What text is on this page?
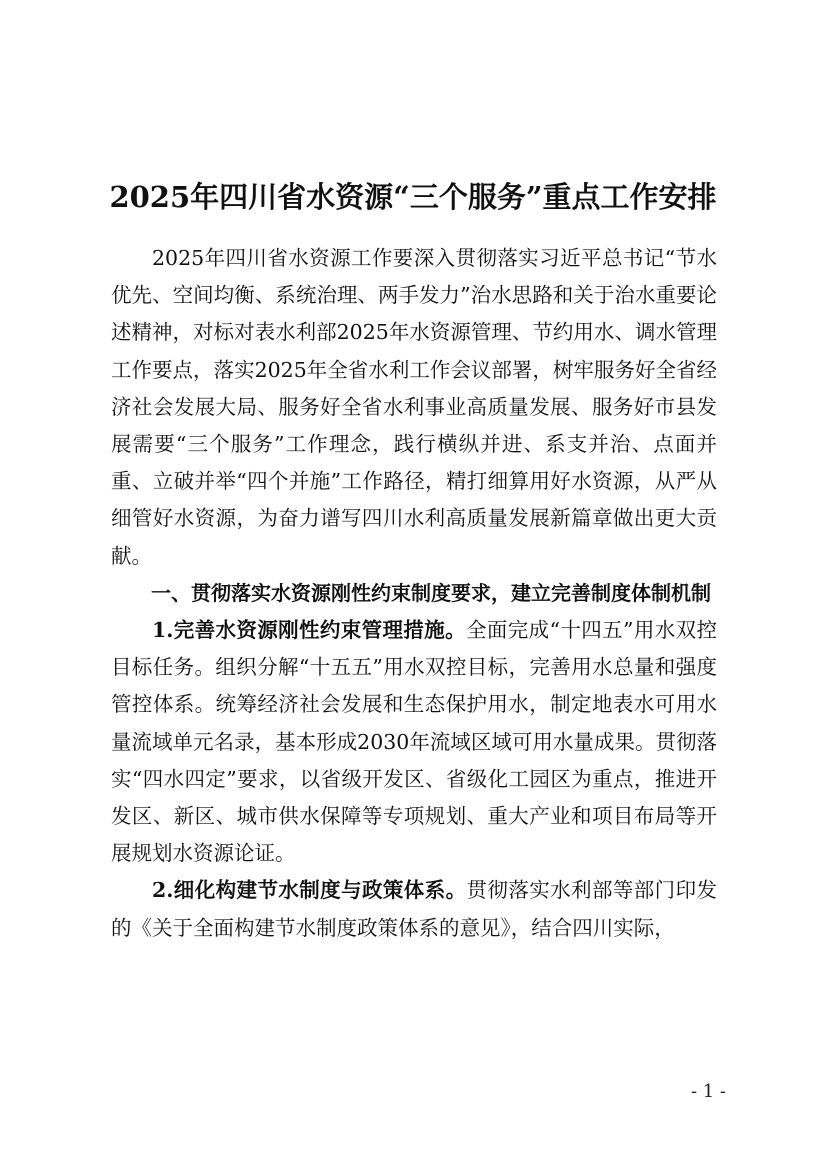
2025年四川省水资源“三个服务”重点工作安排

2025年四川省水资源工作要深入贯彻落实习近平总书记“节水优先、空间均衡、系统治理、两手发力”治水思路和关于治水重要论述精神，对标对表水利部2025年水资源管理、节约用水、调水管理工作要点，落实2025年全省水利工作会议部署，树牢服务好全省经济社会发展大局、服务好全省水利事业高质量发展、服务好市县发展需要“三个服务”工作理念，践行横纵并进、系支并治、点面并重、立破并举“四个并施”工作路径，精打细算用好水资源，从严从细管好水资源，为奋力谱写四川水利高质量发展新篇章做出更大贡献。

一、贯彻落实水资源刚性约束制度要求，建立完善制度体制机制

1.完善水资源刚性约束管理措施。全面完成“十四五”用水双控目标任务。组织分解“十五五”用水双控目标，完善用水总量和强度管控体系。统筹经济社会发展和生态保护用水，制定地表水可用水量流域单元名录，基本形成2030年流域区域可用水量成果。贯彻落实“四水四定”要求，以省级开发区、省级化工园区为重点，推进开发区、新区、城市供水保障等专项规划、重大产业和项目布局等开展规划水资源论证。

2.细化构建节水制度与政策体系。贯彻落实水利部等部门印发的《关于全面构建节水制度政策体系的意见》，结合四川实际，

- 1 -
